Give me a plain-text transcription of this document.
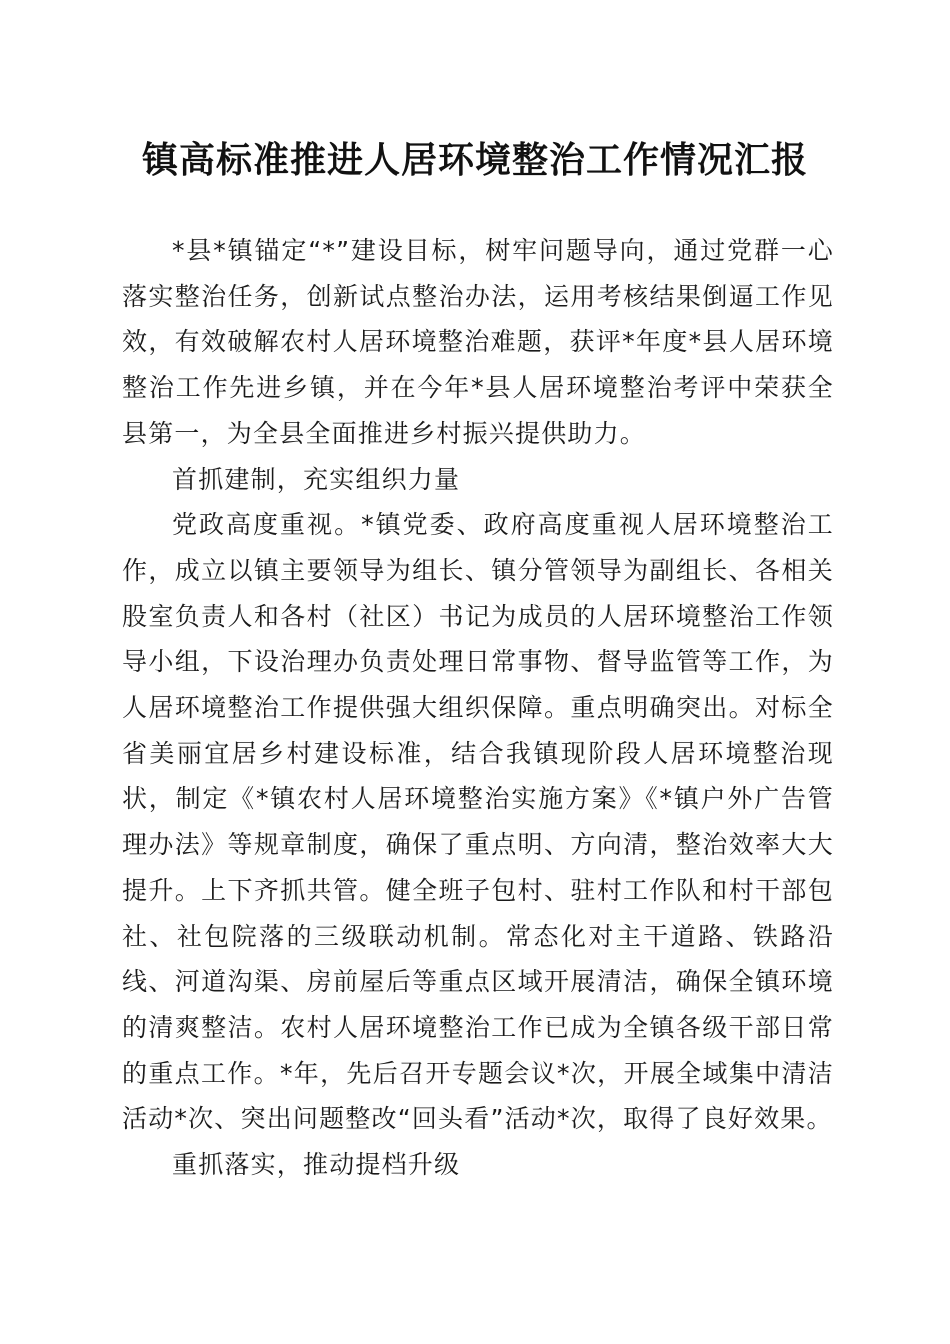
镇高标准推进人居环境整治工作情况汇报

*县*镇锚定“*”建设目标，树牢问题导向，通过党群一心落实整治任务，创新试点整治办法，运用考核结果倒逼工作见效，有效破解农村人居环境整治难题，获评*年度*县人居环境整治工作先进乡镇，并在今年*县人居环境整治考评中荣获全县第一，为全县全面推进乡村振兴提供助力。

首抓建制，充实组织力量

党政高度重视。*镇党委、政府高度重视人居环境整治工作，成立以镇主要领导为组长、镇分管领导为副组长、各相关股室负责人和各村（社区）书记为成员的人居环境整治工作领导小组，下设治理办负责处理日常事物、督导监管等工作，为人居环境整治工作提供强大组织保障。重点明确突出。对标全省美丽宜居乡村建设标准，结合我镇现阶段人居环境整治现状，制定《*镇农村人居环境整治实施方案》《*镇户外广告管理办法》等规章制度，确保了重点明、方向清，整治效率大大提升。上下齐抓共管。健全班子包村、驻村工作队和村干部包社、社包院落的三级联动机制。常态化对主干道路、铁路沿线、河道沟渠、房前屋后等重点区域开展清洁，确保全镇环境的清爽整洁。农村人居环境整治工作已成为全镇各级干部日常的重点工作。*年，先后召开专题会议*次，开展全域集中清洁活动*次、突出问题整改“回头看”活动*次，取得了良好效果。

重抓落实，推动提档升级
